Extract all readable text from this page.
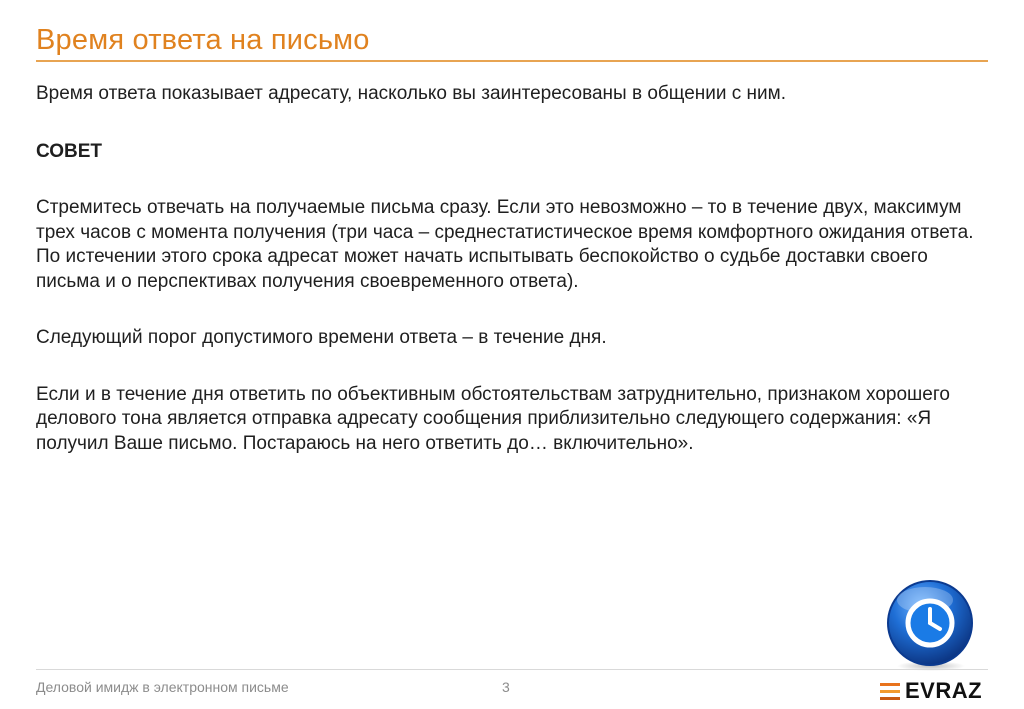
Время ответа на письмо

Время ответа показывает адресату, насколько вы заинтересованы в общении с ним.

СОВЕТ

Стремитесь отвечать на получаемые письма сразу. Если это невозможно – то в течение двух, максимум трех часов с момента получения (три часа – среднестатистическое время комфортного ожидания ответа. По истечении этого срока адресат может начать испытывать беспокойство о судьбе доставки своего письма и о перспективах получения своевременного ответа).

Следующий порог допустимого времени ответа – в течение дня.

Если и в течение дня ответить по объективным обстоятельствам затруднительно, признаком хорошего делового тона является отправка адресату сообщения приблизительно следующего содержания: «Я получил Ваше письмо. Постараюсь на него ответить до… включительно».

Деловой имидж в электронном письме	3	EVRAZ
